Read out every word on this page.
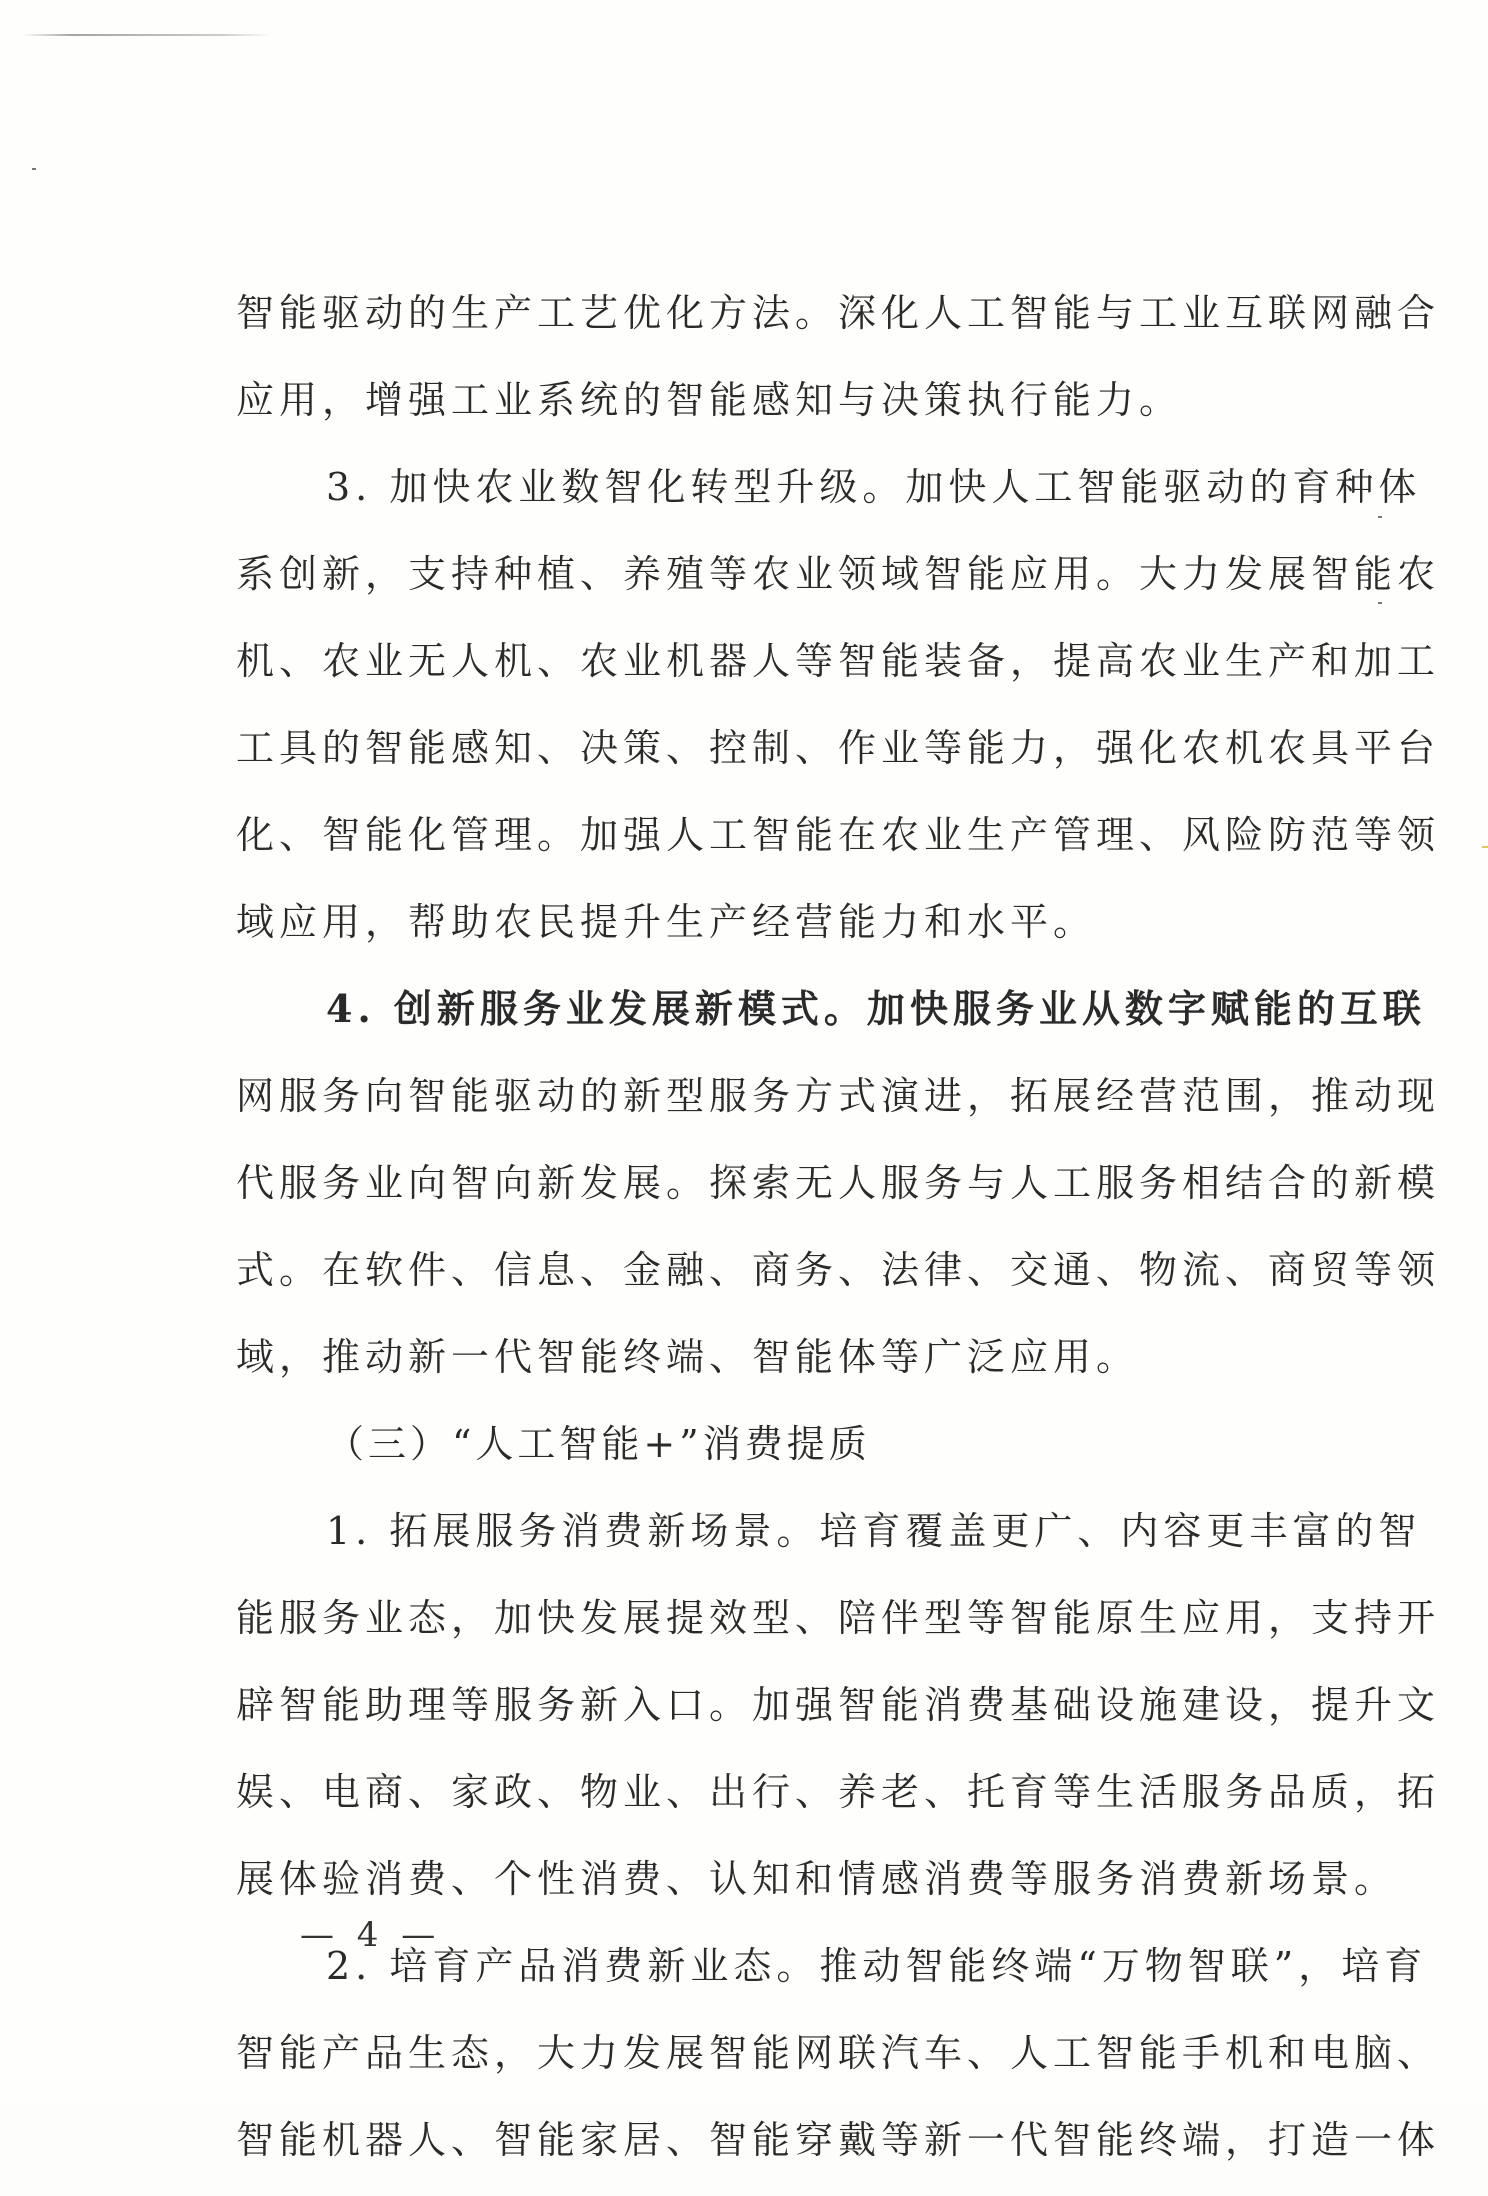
智能驱动的生产工艺优化方法。深化人工智能与工业互联网融合
应用，增强工业系统的智能感知与决策执行能力。
3. 加快农业数智化转型升级。加快人工智能驱动的育种体
系创新，支持种植、养殖等农业领域智能应用。大力发展智能农
机、农业无人机、农业机器人等智能装备，提高农业生产和加工
工具的智能感知、决策、控制、作业等能力，强化农机农具平台
化、智能化管理。加强人工智能在农业生产管理、风险防范等领
域应用，帮助农民提升生产经营能力和水平。
4. 创新服务业发展新模式。加快服务业从数字赋能的互联
网服务向智能驱动的新型服务方式演进，拓展经营范围，推动现
代服务业向智向新发展。探索无人服务与人工服务相结合的新模
式。在软件、信息、金融、商务、法律、交通、物流、商贸等领
域，推动新一代智能终端、智能体等广泛应用。
（三）“人工智能+”消费提质
1. 拓展服务消费新场景。培育覆盖更广、内容更丰富的智
能服务业态，加快发展提效型、陪伴型等智能原生应用，支持开
辟智能助理等服务新入口。加强智能消费基础设施建设，提升文
娱、电商、家政、物业、出行、养老、托育等生活服务品质，拓
展体验消费、个性消费、认知和情感消费等服务消费新场景。
2. 培育产品消费新业态。推动智能终端“万物智联”，培育
智能产品生态，大力发展智能网联汽车、人工智能手机和电脑、
智能机器人、智能家居、智能穿戴等新一代智能终端，打造一体
— 4 —
